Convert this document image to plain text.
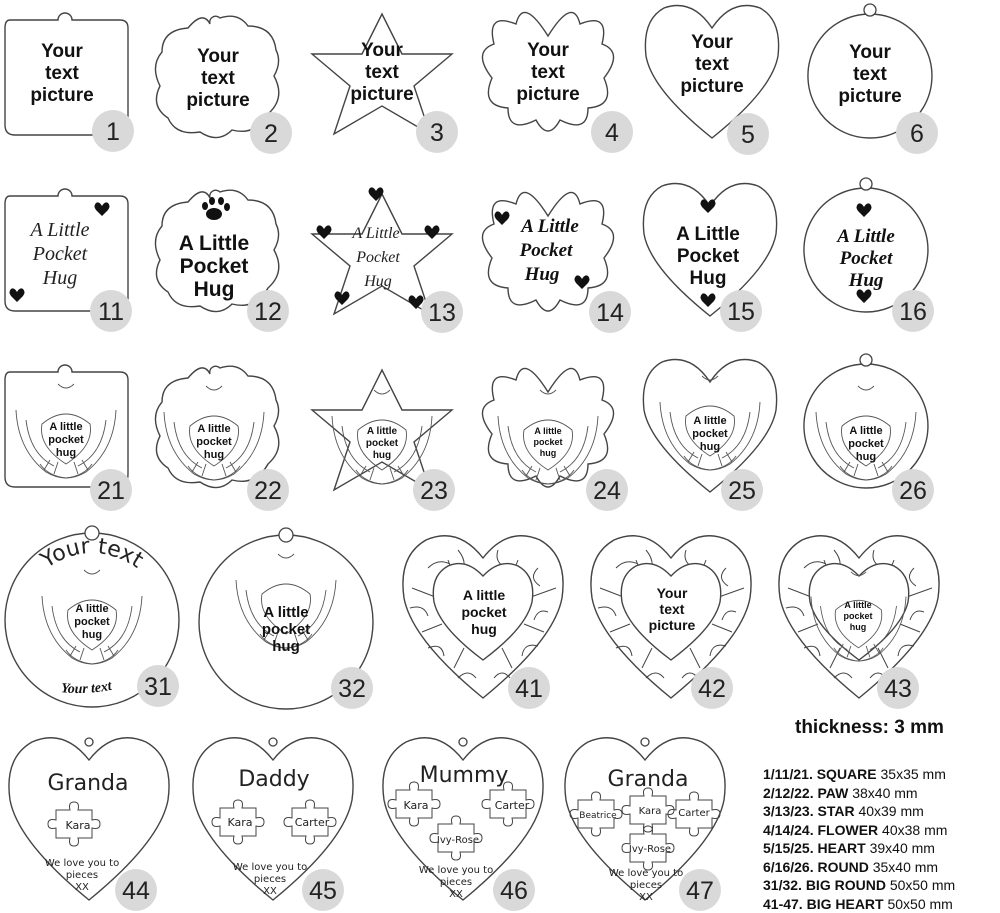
Your
text
picture
Your
text
picture
Your
text
picture
Your
text
picture
Your
text
picture
Your
text
picture
A Little
Pocket
Hug
A Little
Pocket
Hug
A Little
Pocket
Hug
A Little
Pocket
Hug
A Little
Pocket
Hug
A Little
Pocket
Hug
A little
pocket
hug
A little
pocket
hug
A little
pocket
hug
A little
pocket
hug
A little
pocket
hug
A little
pocket
hug
Your text
Your text
A little
pocket
hug
A little
pocket
hug
A little
pocket
hug
Your
text
picture
A little
pocket
hug
Granda
Kara
We love you to
pieces
XX
Daddy
Kara	Carter
We love you to
pieces
XX
Mummy
Kara	Carter
Ivy-Rose
We love you to
pieces
XX
Granda
Beatrice Kara Carter
Ivy-Rose
We love you to
pieces
XX
1	2	3	4	5	6
11	12	13	14	15	16
21	22	23	24	25	26
31	32	41	42	43
44	45	46	47
thickness: 3 mm
1/11/21. SQUARE 35x35 mm
2/12/22. PAW 38x40 mm
3/13/23. STAR 40x39 mm
4/14/24. FLOWER 40x38 mm
5/15/25. HEART 39x40 mm
6/16/26. ROUND 35x40 mm
31/32. BIG ROUND 50x50 mm
41-47. BIG HEART 50x50 mm
